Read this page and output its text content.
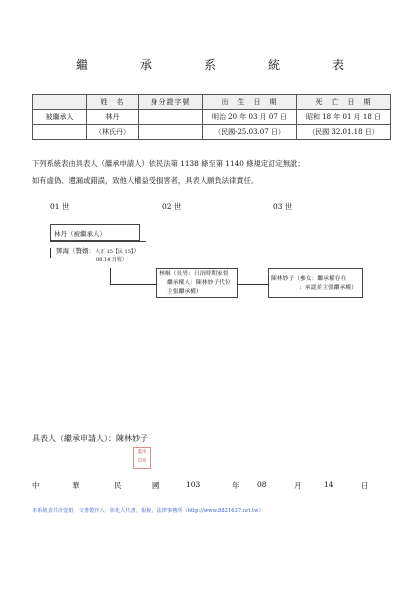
繼　承　系　統　表
	姓　名	身分證字號	出　生　日　期	死　亡　日　期
被繼承人	林丹		明治 20 年 03 月 07 日	昭和 18 年 01 月 18 日
	（林氏丹）		（民國-25.03.07 日）	（民國 32.01.18 日）
下列系統表由具表人（繼承申請人）依民法第 1138 條至第 1140 條規定訂定無訛；
如有虛偽、遺漏或錯誤，致他人權益受損害者，具表人願負法律責任。
01 世	02 世	03 世
林丹（被繼承人）
鄧海（贅婿：大正 15【民 15】）
08.14 日歿）
林桐（長男：日治時期家督
繼承權人：陳林妙子代位
主張繼承權）
陳林妙子（參女：繼承權存在
：承認並主張繼承權）
具表人（繼承申請人）：陳林妙子
蓋用
印章
中	華	民	國	103	年 08	月	14	日
本系統表共計壹紙　文書製作人：彰化人代書，報稅、法律事務所（http://www.8821637.url.tw）
